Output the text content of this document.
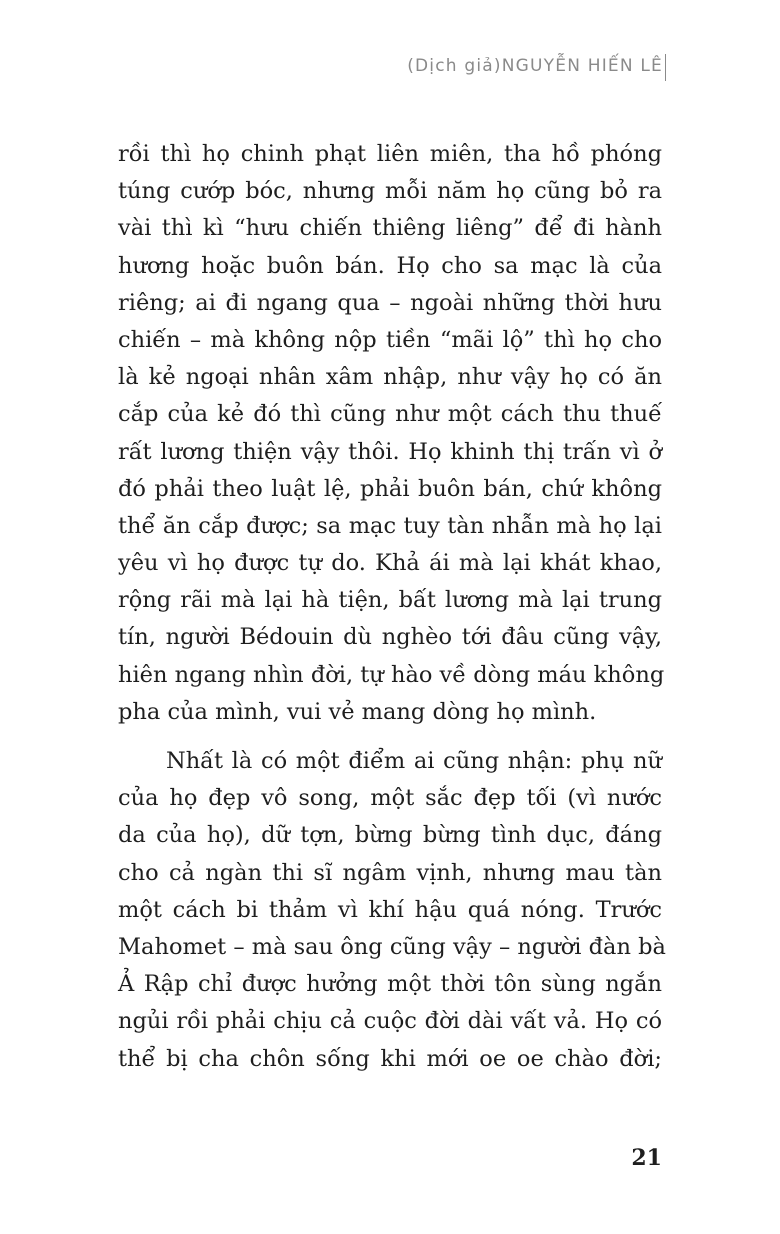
(Dịch giả) NGUYỄN HIẾN LÊ
rồi thì họ chinh phạt liên miên, tha hồ phóng
túng cướp bóc, nhưng mỗi năm họ cũng bỏ ra
vài thì kì “hưu chiến thiêng liêng” để đi hành
hương hoặc buôn bán. Họ cho sa mạc là của
riêng; ai đi ngang qua – ngoài những thời hưu
chiến – mà không nộp tiền “mãi lộ” thì họ cho
là kẻ ngoại nhân xâm nhập, như vậy họ có ăn
cắp của kẻ đó thì cũng như một cách thu thuế
rất lương thiện vậy thôi. Họ khinh thị trấn vì ở
đó phải theo luật lệ, phải buôn bán, chứ không
thể ăn cắp được; sa mạc tuy tàn nhẫn mà họ lại
yêu vì họ được tự do. Khả ái mà lại khát khao,
rộng rãi mà lại hà tiện, bất lương mà lại trung
tín, người Bédouin dù nghèo tới đâu cũng vậy,
hiên ngang nhìn đời, tự hào về dòng máu không
pha của mình, vui vẻ mang dòng họ mình.
Nhất là có một điểm ai cũng nhận: phụ nữ
của họ đẹp vô song, một sắc đẹp tối (vì nước
da của họ), dữ tợn, bừng bừng tình dục, đáng
cho cả ngàn thi sĩ ngâm vịnh, nhưng mau tàn
một cách bi thảm vì khí hậu quá nóng. Trước
Mahomet – mà sau ông cũng vậy – người đàn bà
Ả Rập chỉ được hưởng một thời tôn sùng ngắn
ngủi rồi phải chịu cả cuộc đời dài vất vả. Họ có
thể bị cha chôn sống khi mới oe oe chào đời;
21
